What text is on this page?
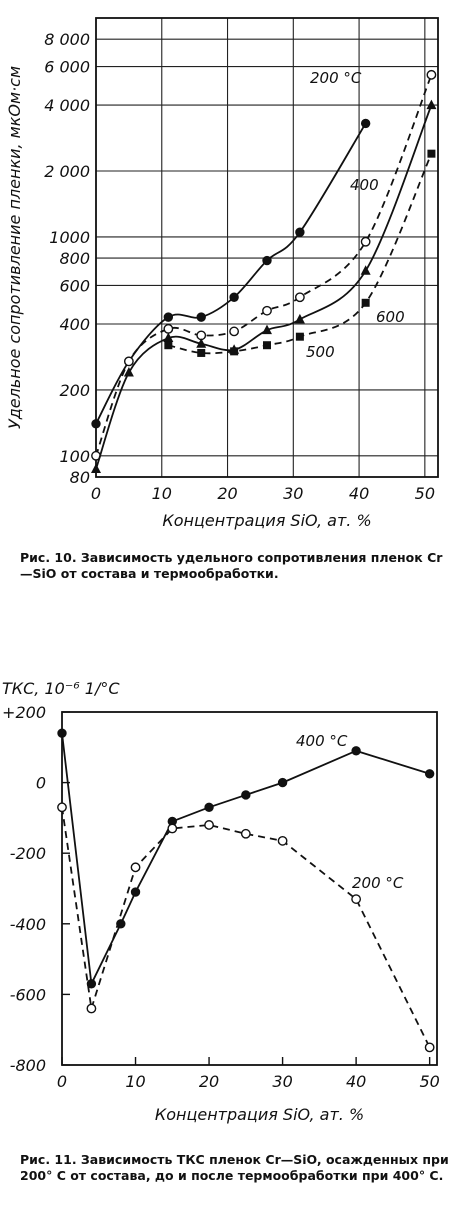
0	10	20	30	40	50
80
100
200
400
600
800
1000
2 000
4 000
6 000
8 000
200 °C
400
500
600
Концентрация SiO, ат. %
Удельное сопротивление пленки, мкОм·см
Рис. 10. Зависимость удельного сопротивления пленок Cr—SiO от состава и термообработки.
0	10	20	30	40	50
+200
0
-200
-400
-600
-800
400 °C
200 °C
Концентрация SiO, ат. %
ТКС, 10⁻⁶ 1/°С
Рис. 11. Зависимость ТКС пленок Cr—SiO, осажденных при 200° С от состава, до и после термообработки при 400° С.
